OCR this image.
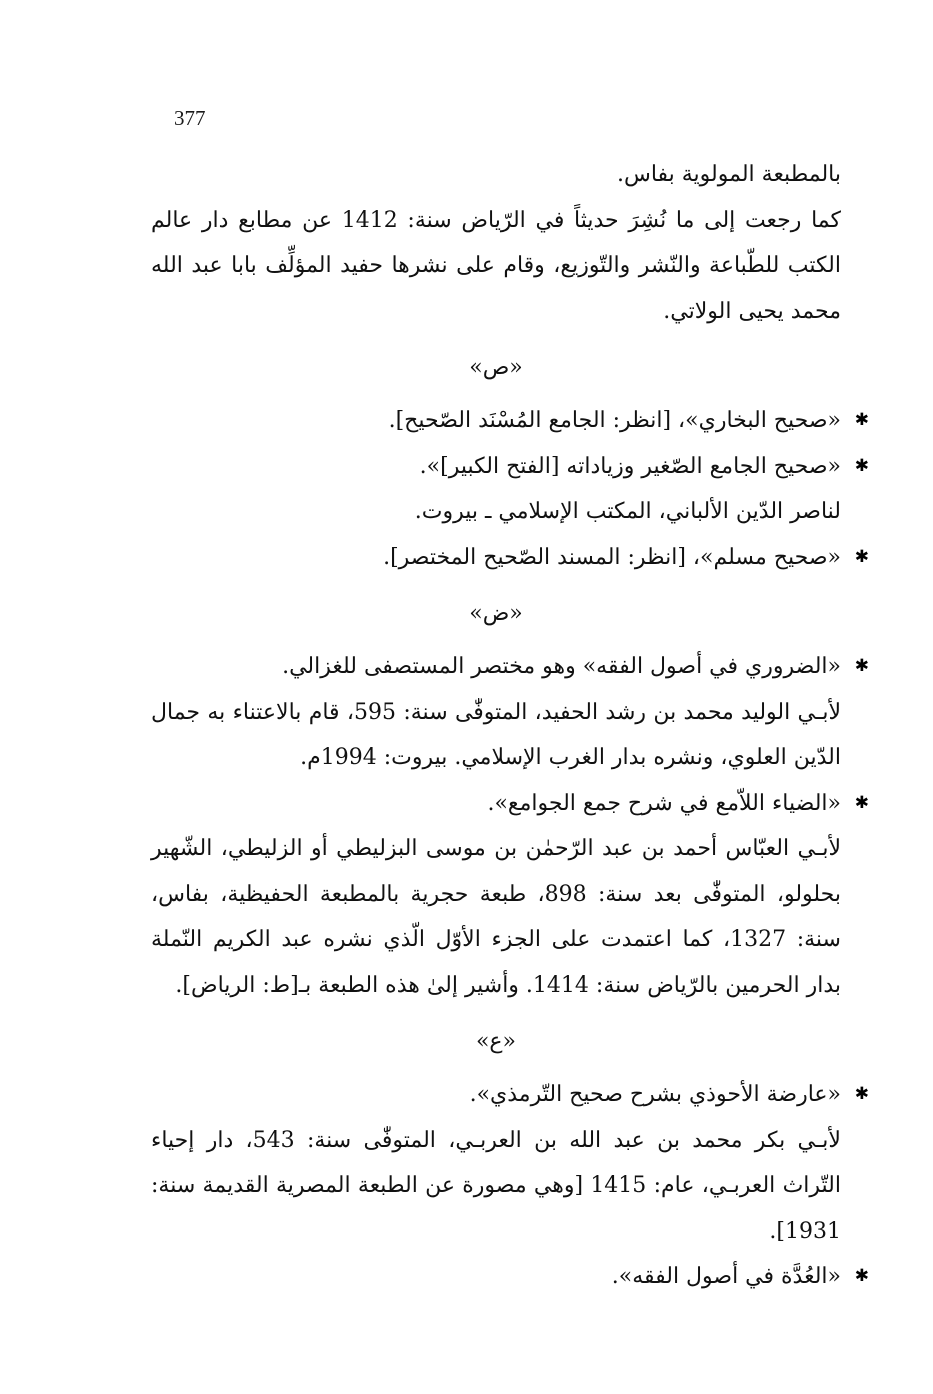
377

بالمطبعة المولوية بفاس.

كما رجعت إلى ما نُشِرَ حديثاً في الرّياض سنة: 1412 عن مطابع دار عالم الكتب للطّباعة والنّشر والتّوزيع، وقام على نشرها حفيد المؤلِّف بابا عبد الله محمد يحيى الولاتي.

«ص»

✱
«صحيح البخاري»، [انظر: الجامع المُسْنَد الصّحيح].

✱
«صحيح الجامع الصّغير وزياداته [الفتح الكبير]».

لناصر الدّين الألباني، المكتب الإسلامي ـ بيروت.

✱
«صحيح مسلم»، [انظر: المسند الصّحيح المختصر].

«ض»

✱
«الضروري في أصول الفقه» وهو مختصر المستصفى للغزالي.

لأبـي الوليد محمد بن رشد الحفيد، المتوفّٰى سنة: 595، قام بالاعتناء به جمال الدّين العلوي، ونشره بدار الغرب الإسلامي. بيروت: 1994م.

✱
«الضياء اللاّمع في شرح جمع الجوامع».

لأبـي العبّاس أحمد بن عبد الرّحمٰن بن موسى البزليطي أو الزليطي، الشّهير بحلولو، المتوفّٰى بعد سنة: 898، طبعة حجرية بالمطبعة الحفيظية، بفاس، سنة: 1327، كما اعتمدت على الجزء الأوّل الّذي نشره عبد الكريم النّملة بدار الحرمين بالرّياض سنة: 1414. وأشير إلىٰ هذه الطبعة بـ[ط: الرياض].

«ع»

✱
«عارضة الأحوذي بشرح صحيح التّرمذي».

لأبـي بكر محمد بن عبد الله بن العربـي، المتوفّٰى سنة: 543، دار إحياء التّراث العربـي، عام: 1415 [وهي مصورة عن الطبعة المصرية القديمة سنة: 1931].

✱
«العُدَّة في أصول الفقه».
